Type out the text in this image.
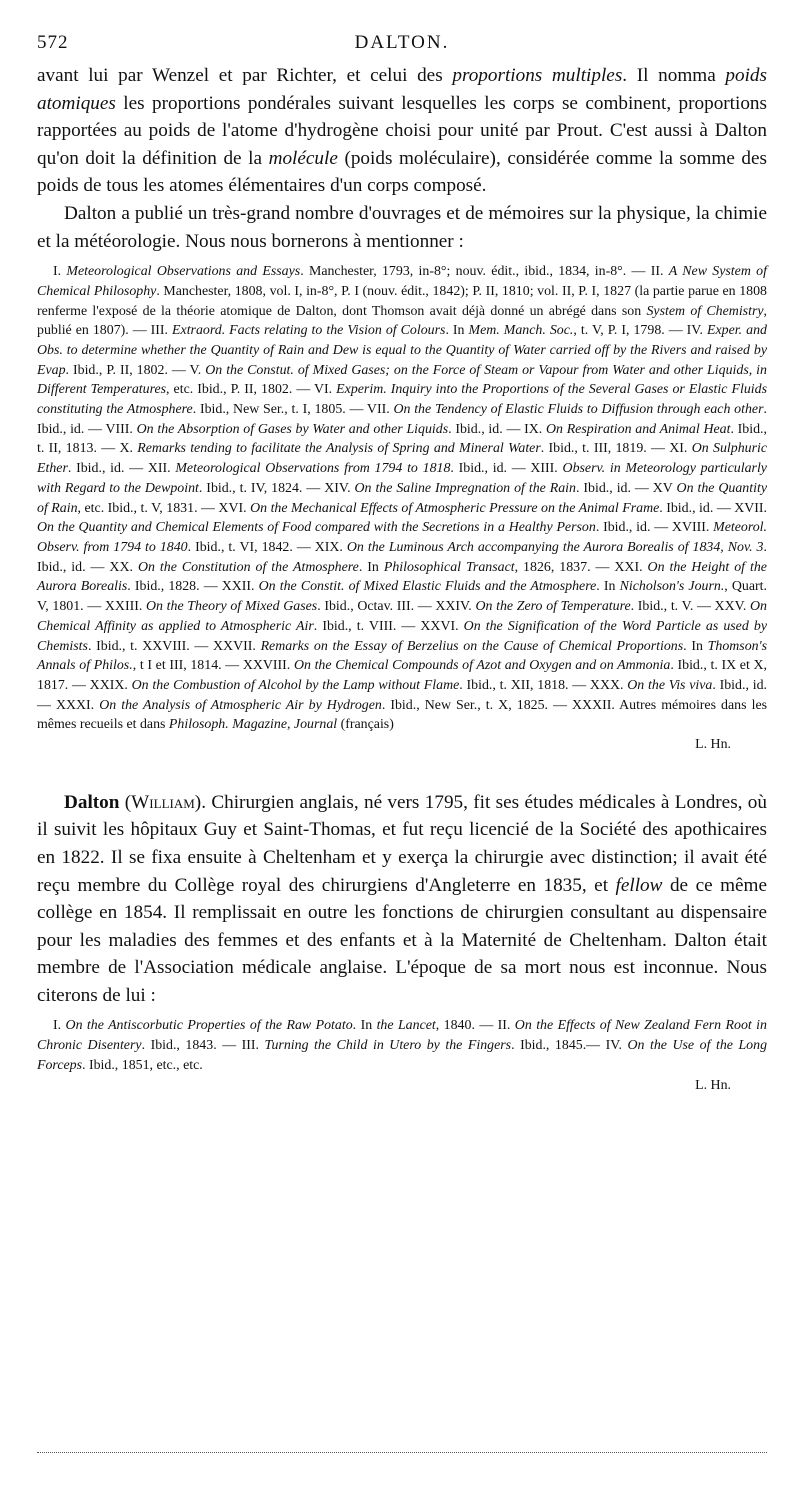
572	DALTON.

avant lui par Wenzel et par Richter, et celui des proportions multiples. Il nomma poids atomiques les proportions pondérales suivant lesquelles les corps se combinent, proportions rapportées au poids de l'atome d'hydrogène choisi pour unité par Prout. C'est aussi à Dalton qu'on doit la définition de la molécule (poids moléculaire), considérée comme la somme des poids de tous les atomes élémentaires d'un corps composé.

Dalton a publié un très-grand nombre d'ouvrages et de mémoires sur la physique, la chimie et la météorologie. Nous nous bornerons à mentionner :

I. Meteorological Observations and Essays. Manchester, 1793, in-8°; nouv. édit., ibid., 1834, in-8°. — II. A New System of Chemical Philosophy. Manchester, 1808, vol. I, in-8°, P. I (nouv. édit., 1842); P. II, 1810; vol. II, P. I, 1827 (la partie parue en 1808 renferme l'exposé de la théorie atomique de Dalton, dont Thomson avait déjà donné un abrégé dans son System of Chemistry, publié en 1807). — III. Extraord. Facts relating to the Vision of Colours. In Mem. Manch. Soc., t. V, P. I, 1798. — IV. Exper. and Obs. to determine whether the Quantity of Rain and Dew is equal to the Quantity of Water carried off by the Rivers and raised by Evap. Ibid., P. II, 1802. — V. On the Constut. of Mixed Gases; on the Force of Steam or Vapour from Water and other Liquids, in Different Temperatures, etc. Ibid., P. II, 1802. — VI. Experim. Inquiry into the Proportions of the Several Gases or Elastic Fluids constituting the Atmosphere. Ibid., New Ser., t. I, 1805. — VII. On the Tendency of Elastic Fluids to Diffusion through each other. Ibid., id. — VIII. On the Absorption of Gases by Water and other Liquids. Ibid., id. — IX. On Respiration and Animal Heat. Ibid., t. II, 1813. — X. Remarks tending to facilitate the Analysis of Spring and Mineral Water. Ibid., t. III, 1819. — XI. On Sulphuric Ether. Ibid., id. — XII. Meteorological Observations from 1794 to 1818. Ibid., id. — XIII. Observ. in Meteorology particularly with Regard to the Dewpoint. Ibid., t. IV, 1824. — XIV. On the Saline Impregnation of the Rain. Ibid., id. — XV On the Quantity of Rain, etc. Ibid., t. V, 1831. — XVI. On the Mechanical Effects of Atmospheric Pressure on the Animal Frame. Ibid., id. — XVII. On the Quantity and Chemical Elements of Food compared with the Secretions in a Healthy Person. Ibid., id. — XVIII. Meteorol. Observ. from 1794 to 1840. Ibid., t. VI, 1842. — XIX. On the Luminous Arch accompanying the Aurora Borealis of 1834, Nov. 3. Ibid., id. — XX. On the Constitution of the Atmosphere. In Philosophical Transact, 1826, 1837. — XXI. On the Height of the Aurora Borealis. Ibid., 1828. — XXII. On the Constit. of Mixed Elastic Fluids and the Atmosphere. In Nicholson's Journ., Quart. V, 1801. — XXIII. On the Theory of Mixed Gases. Ibid., Octav. III. — XXIV. On the Zero of Temperature. Ibid., t. V. — XXV. On Chemical Affinity as applied to Atmospheric Air. Ibid., t. VIII. — XXVI. On the Signification of the Word Particle as used by Chemists. Ibid., t. XXVIII. — XXVII. Remarks on the Essay of Berzelius on the Cause of Chemical Proportions. In Thomson's Annals of Philos., t I et III, 1814. — XXVIII. On the Chemical Compounds of Azot and Oxygen and on Ammonia. Ibid., t. IX et X, 1817. — XXIX. On the Combustion of Alcohol by the Lamp without Flame. Ibid., t. XII, 1818. — XXX. On the Vis viva. Ibid., id. — XXXI. On the Analysis of Atmospheric Air by Hydrogen. Ibid., New Ser., t. X, 1825. — XXXII. Autres mémoires dans les mêmes recueils et dans Philosoph. Magazine, Journal (français)
L. Hn.

Dalton (William). Chirurgien anglais, né vers 1795, fit ses études médicales à Londres, où il suivit les hôpitaux Guy et Saint-Thomas, et fut reçu licencié de la Société des apothicaires en 1822. Il se fixa ensuite à Cheltenham et y exerça la chirurgie avec distinction; il avait été reçu membre du Collège royal des chirurgiens d'Angleterre en 1835, et fellow de ce même collège en 1854. Il remplissait en outre les fonctions de chirurgien consultant au dispensaire pour les maladies des femmes et des enfants et à la Maternité de Cheltenham. Dalton était membre de l'Association médicale anglaise. L'époque de sa mort nous est inconnue. Nous citerons de lui :

I. On the Antiscorbutic Properties of the Raw Potato. In the Lancet, 1840. — II. On the Effects of New Zealand Fern Root in Chronic Disentery. Ibid., 1843. — III. Turning the Child in Utero by the Fingers. Ibid., 1845.— IV. On the Use of the Long Forceps. Ibid., 1851, etc., etc.
L. Hn.
